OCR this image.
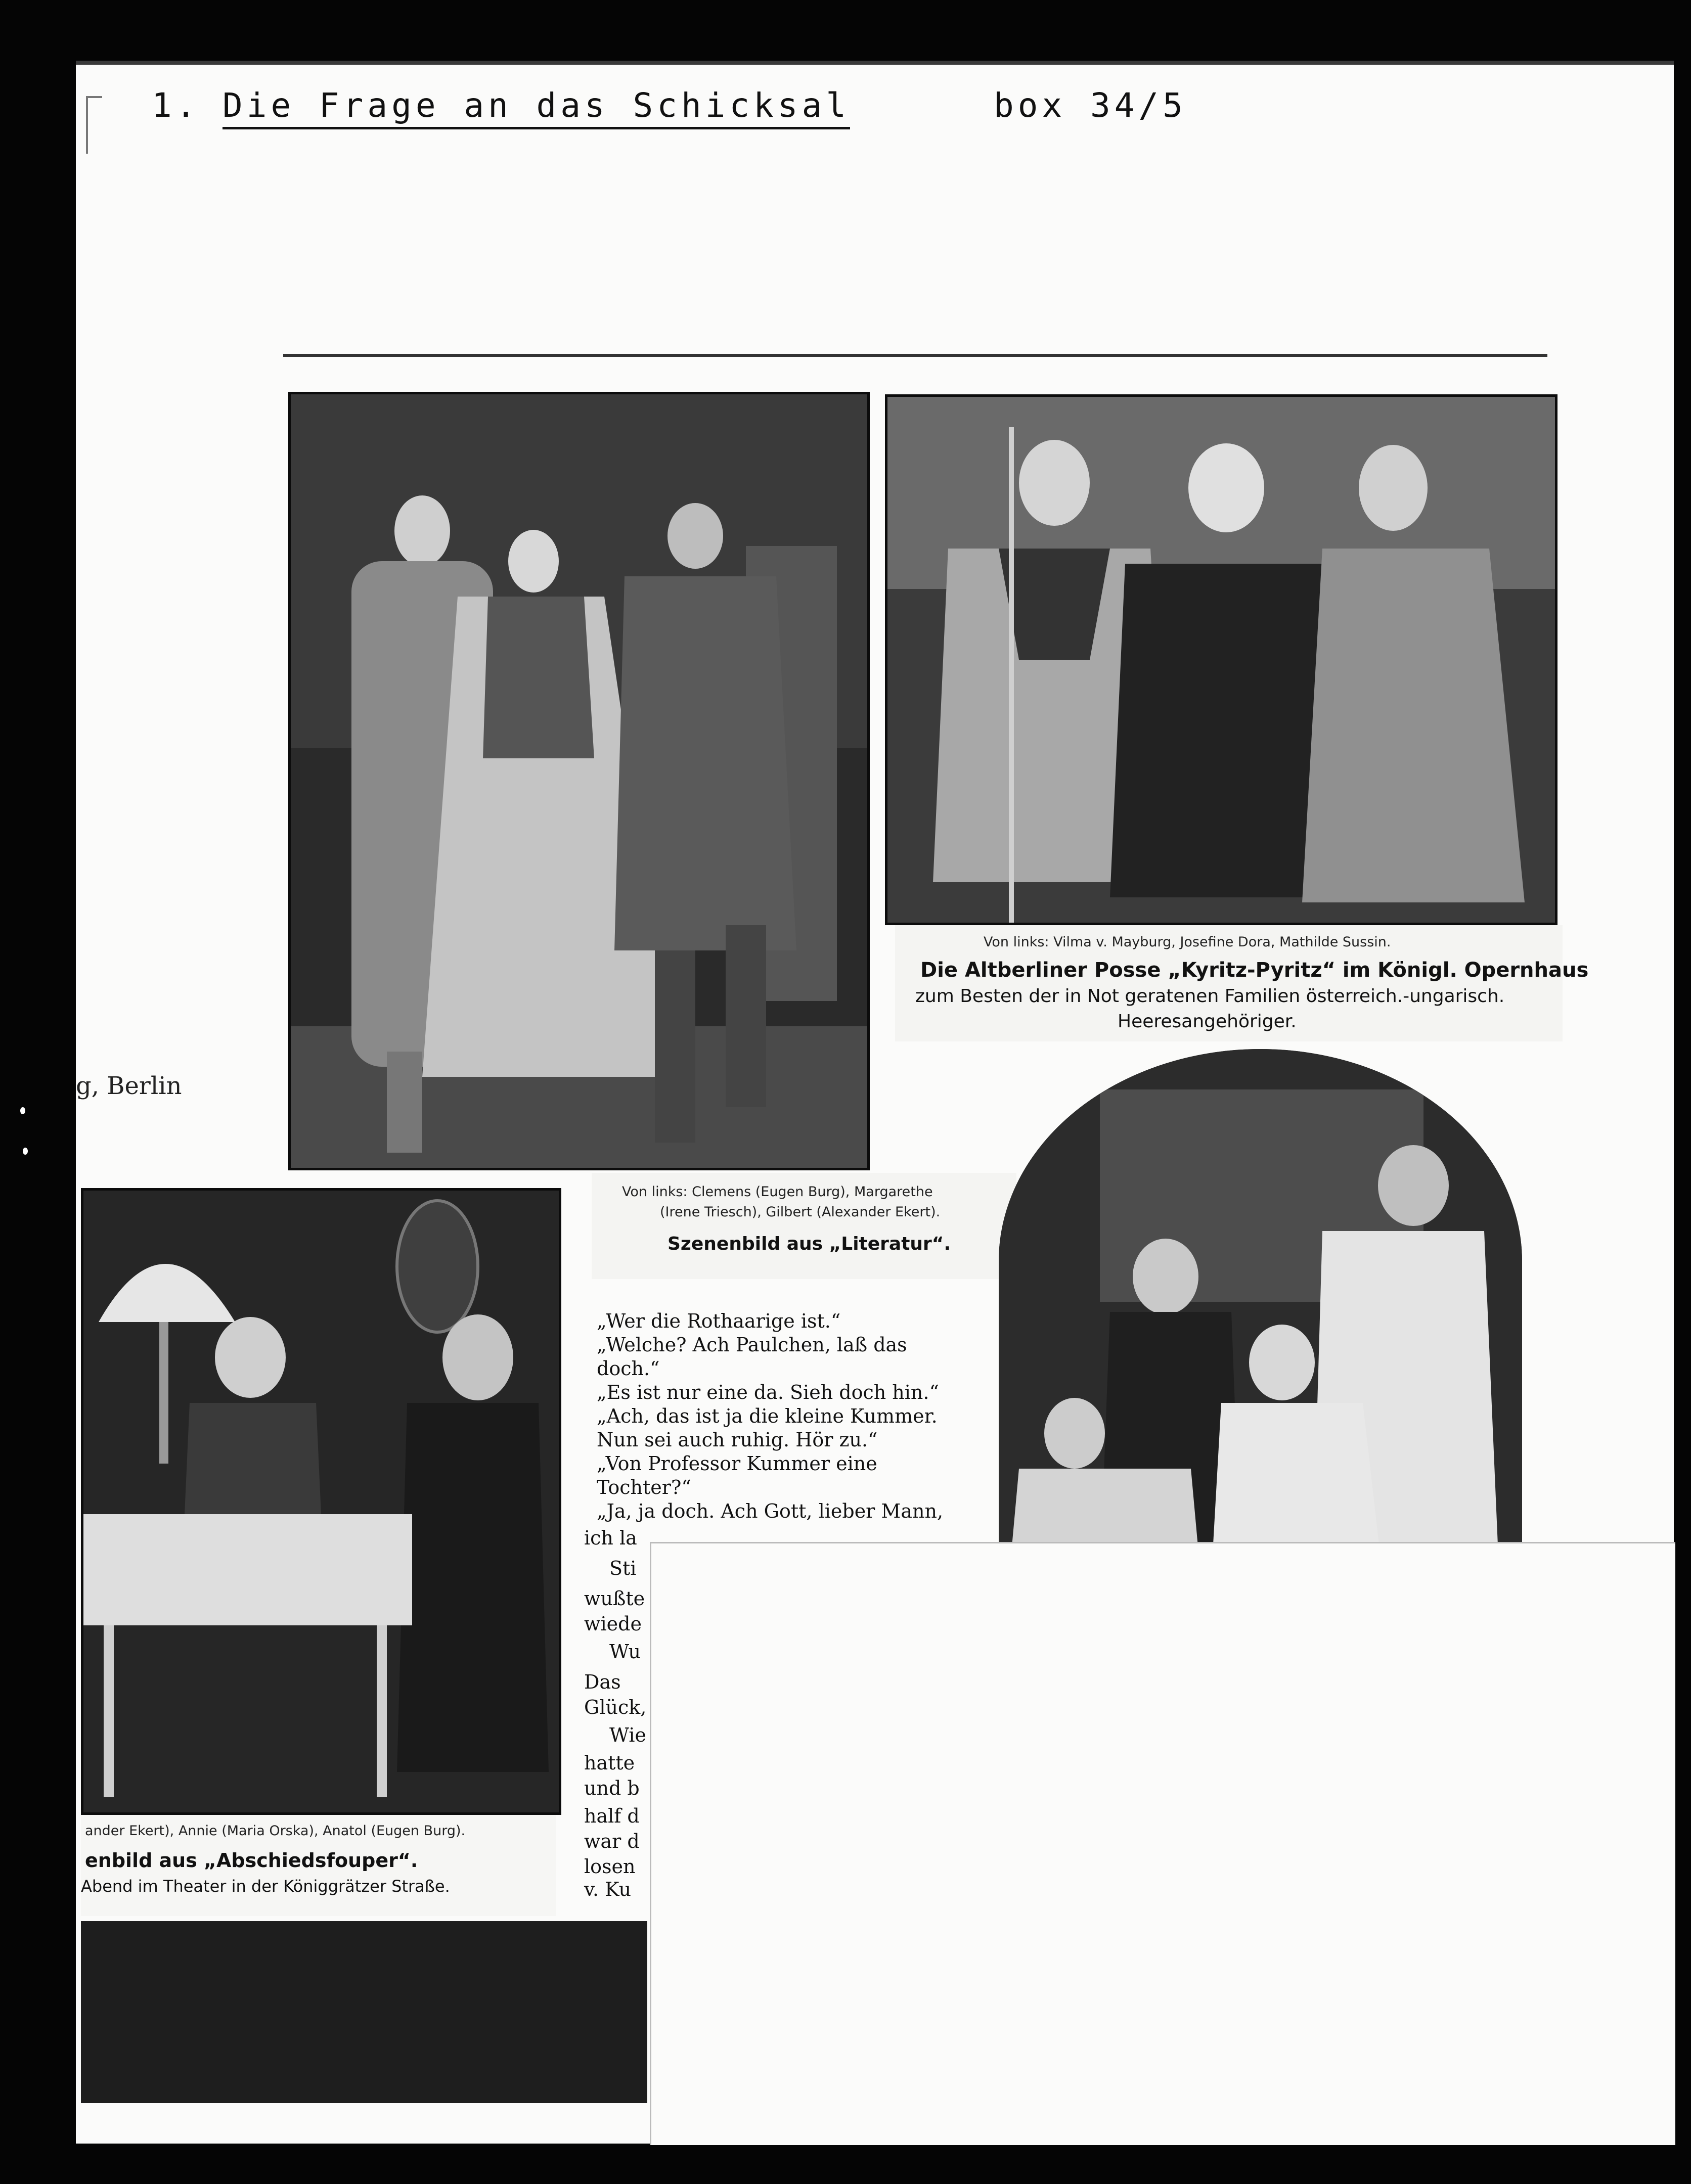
1. Die Frage an das Schicksal	box 34/5
g, Berlin
Von links: Clemens (Eugen Burg), Margarethe
(Irene Triesch), Gilbert (Alexander Ekert).
Szenenbild aus „Literatur“.
Von links: Vilma v. Mayburg, Josefine Dora, Mathilde Sussin.
Die Altberliner Posse „Kyritz-Pyritz“ im Königl. Opernhaus
zum Besten der in Not geratenen Familien österreich.-ungarisch.
Heeresangehöriger.
ander Ekert), Annie (Maria Orska), Anatol (Eugen Burg).
enbild aus „Abschiedsfouper“.
Abend im Theater in der Königgrätzer Straße.
„Wer die Rothaarige ist.“
„Welche? Ach Paulchen, laß das
doch.“
„Es ist nur eine da. Sieh doch hin.“
„Ach, das ist ja die kleine Kummer.
Nun sei auch ruhig. Hör zu.“
„Von Professor Kummer eine
Tochter?“
„Ja, ja doch. Ach Gott, lieber Mann,
ich la
Sti
wußte
wiede
Wu
Das
Glück,
Wie
hatte
und b
half d
war d
losen
v. Ku
